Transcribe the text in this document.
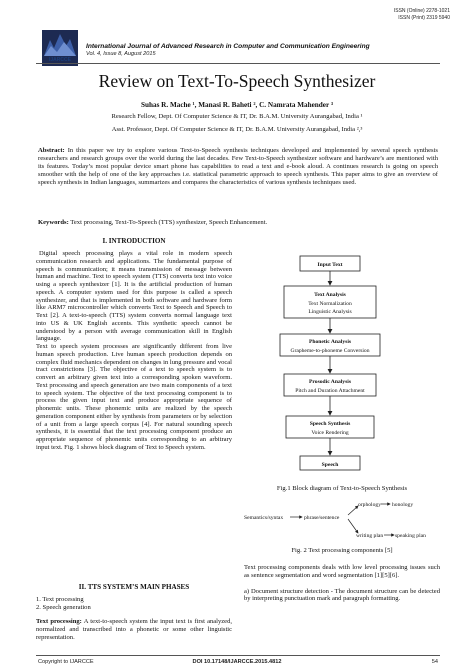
ISSN (Online) 2278-1021
ISSN (Print) 2319 5940
IJARCCE
International Journal of Advanced Research in Computer and Communication Engineering
Vol. 4, Issue 8, August 2015
Review on Text-To-Speech Synthesizer
Suhas R. Mache ¹, Manasi R. Baheti ², C. Namrata Mahender ³
Research Fellow, Dept. Of Computer Science & IT, Dr. B.A.M. University Aurangabad, India ¹
Asst. Professor, Dept. Of Computer Science & IT, Dr. B.A.M. University Aurangabad, India ²,³
Abstract: In this paper we try to explore various Text-to-Speech synthesis techniques developed and implemented by several speech synthesis researchers and research groups over the world during the last decades. Few Text-to-Speech synthesizer software and hardware’s are mentioned with its features. Today’s most popular device smart phone has capabilities to read a text and e-book aloud. A continues research is going on speech smoother with the help of one of the key approaches i.e. statistical parametric approach to speech synthesis. This paper aims to give an overview of speech synthesis in Indian languages, summarizes and compares the characteristics of various synthesis techniques used.
Keywords: Text processing, Text-To-Speech (TTS) synthesizer, Speech Enhancement.
I. INTRODUCTION
Digital speech processing plays a vital role in modern speech communication research and applications. The fundamental purpose of speech is communication; it means transmission of message between human and machine. Text to speech system (TTS) converts text into voice using a speech synthesizer [1]. It is the artificial production of human speech. A computer system used for this purpose is called a speech synthesizer, and that is implemented in both software and hardware form like ARM7 microcontroller which converts Text to Speech and Speech to Text [2]. A text-to-speech (TTS) system converts normal language text into US & UK English accents. This synthetic speech cannot be understood by a person with average communication skill in English language.
Text to speech system processes are significantly different from live human speech production. Live human speech production depends on complex fluid mechanics dependent on changes in lung pressure and vocal tract constrictions [3]. The objective of a text to speech system is to convert an arbitrary given text into a corresponding spoken waveform. Text processing and speech generation are two main components of a text to speech system. The objective of the text processing component is to process the given input text and produce appropriate sequence of phonemic units. These phonemic units are realized by the speech generation component either by synthesis from parameters or by selection of a unit from a large speech corpus [4]. For natural sounding speech synthesis, it is essential that the text processing component produce an appropriate sequence of phonemic units corresponding to an arbitrary input text. Fig. 1 shows block diagram of Text to Speech system.
II. TTS SYSTEM’S MAIN PHASES
1. Text processing
2. Speech generation
Text processing: A text-to-speech system the input text is first analyzed, normalized and transcribed into a phonetic or some other linguistic representation.
Input Text
Text Analysis
Text Normalization
Linguistic Analysis
Phonetic Analysis
Grapheme-to-phoneme Conversion
Prosodic Analysis
Pitch and Duration Attachment
Speech Synthesis
Voice Rendering
Speech
Fig.1 Block diagram of Text-to-Speech Synthesis
Semantics/syntax	phrase/sentence
orphology honology
writing plan speaking plan
Fig. 2 Text processing components [5]
Text processing components deals with low level processing issues such as sentence segmentation and word segmentation [1][5][6].
a) Document structure detection - The document structure can be detected by interpreting punctuation mark and paragraph formatting.
Copyright to IJARCCE	DOI 10.17148/IJARCCE.2015.4812	54
